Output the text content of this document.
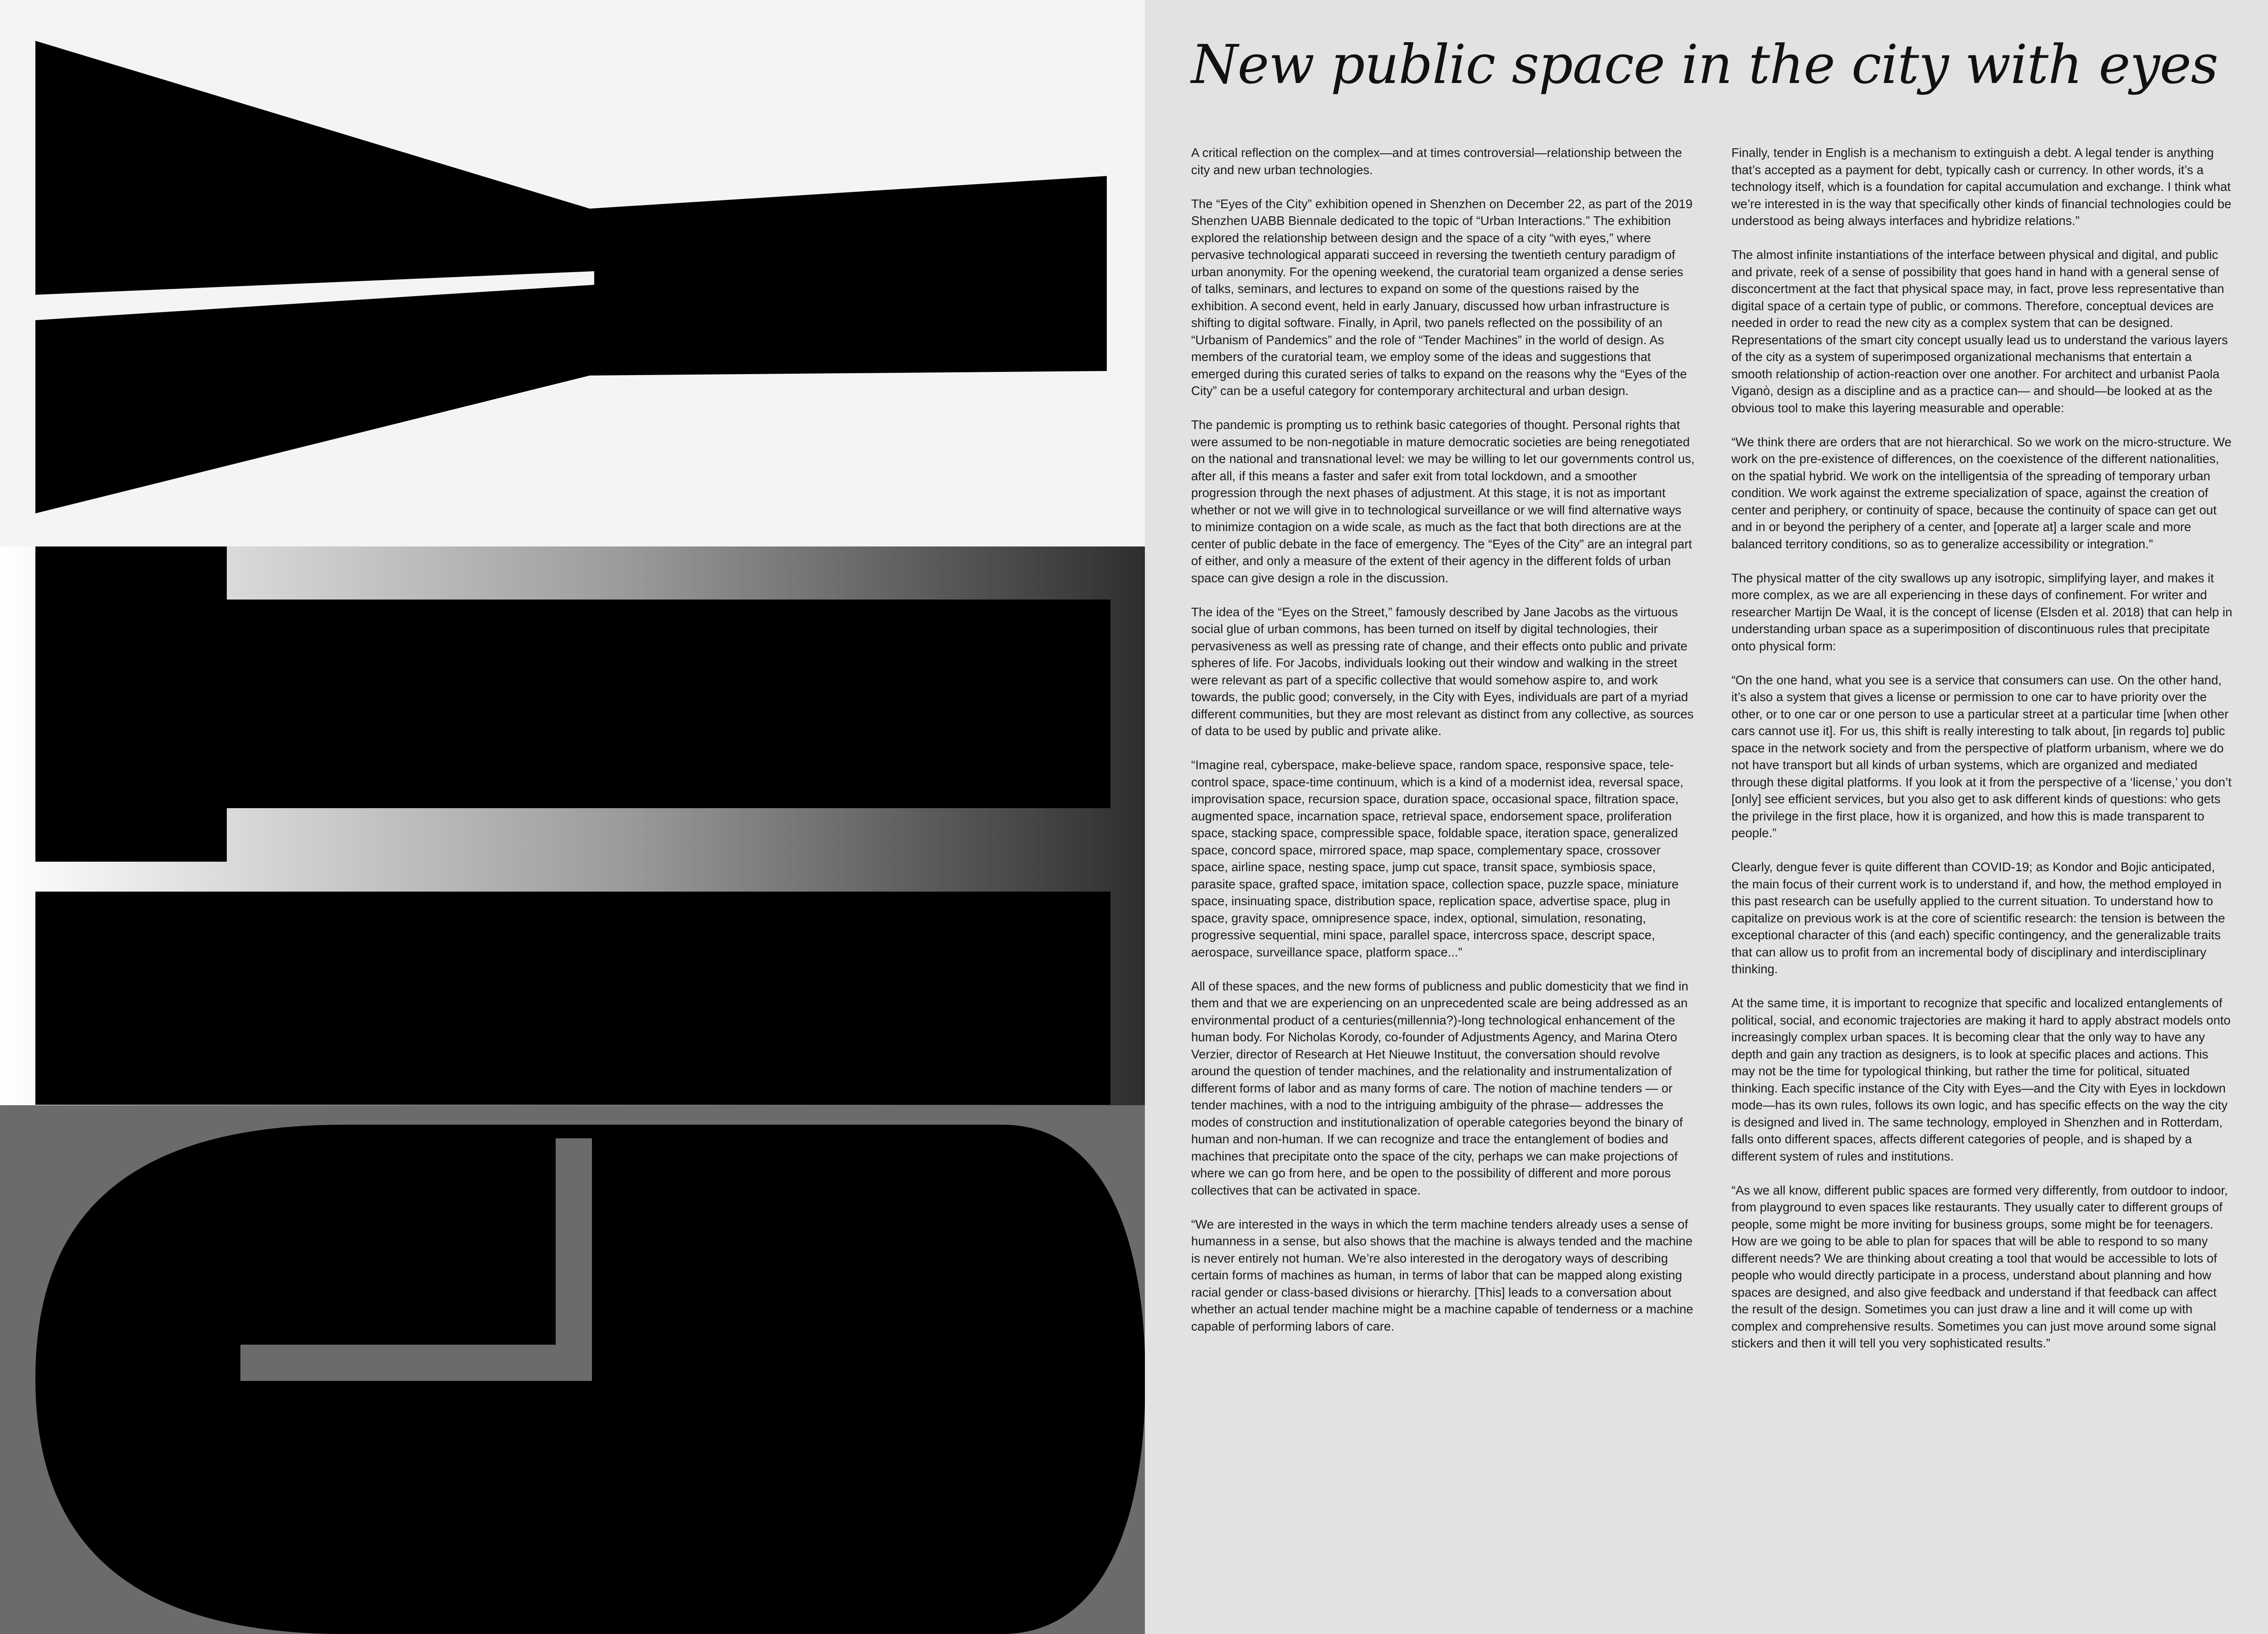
New public space in the city with eyes

A critical reflection on the complex—and at times controversial—relationship between the city and new urban technologies.

The “Eyes of the City” exhibition opened in Shenzhen on December 22, as part of the 2019 Shenzhen UABB Biennale dedicated to the topic of “Urban Interactions.” The exhibition explored the relationship between design and the space of a city “with eyes,” where pervasive technological apparati succeed in reversing the twentieth century paradigm of urban anonymity. For the opening weekend, the curatorial team organized a dense series of talks, seminars, and lectures to expand on some of the questions raised by the exhibition. A second event, held in early January, discussed how urban infrastructure is shifting to digital software. Finally, in April, two panels reflected on the possibility of an “Urbanism of Pandemics” and the role of “Tender Machines” in the world of design. As members of the curatorial team, we employ some of the ideas and suggestions that emerged during this curated series of talks to expand on the reasons why the “Eyes of the City” can be a useful category for contemporary architectural and urban design.

The pandemic is prompting us to rethink basic categories of thought. Personal rights that were assumed to be non-negotiable in mature democratic societies are being renegotiated on the national and transnational level: we may be willing to let our governments control us, after all, if this means a faster and safer exit from total lockdown, and a smoother progression through the next phases of adjustment. At this stage, it is not as important whether or not we will give in to technological surveillance or we will find alternative ways to minimize contagion on a wide scale, as much as the fact that both directions are at the center of public debate in the face of emergency. The “Eyes of the City” are an integral part of either, and only a measure of the extent of their agency in the different folds of urban space can give design a role in the discussion.

The idea of the “Eyes on the Street,” famously described by Jane Jacobs as the virtuous social glue of urban commons, has been turned on itself by digital technologies, their pervasiveness as well as pressing rate of change, and their effects onto public and private spheres of life. For Jacobs, individuals looking out their window and walking in the street were relevant as part of a specific collective that would somehow aspire to, and work towards, the public good; conversely, in the City with Eyes, individuals are part of a myriad different communities, but they are most relevant as distinct from any collective, as sources of data to be used by public and private alike.

“Imagine real, cyberspace, make-believe space, random space, responsive space, tele-control space, space-time continuum, which is a kind of a modernist idea, reversal space, improvisation space, recursion space, duration space, occasional space, filtration space, augmented space, incarnation space, retrieval space, endorsement space, proliferation space, stacking space, compressible space, foldable space, iteration space, generalized space, concord space, mirrored space, map space, complementary space, crossover space, airline space, nesting space, jump cut space, transit space, symbiosis space, parasite space, grafted space, imitation space, collection space, puzzle space, miniature space, insinuating space, distribution space, replication space, advertise space, plug in space, gravity space, omnipresence space, index, optional, simulation, resonating, progressive sequential, mini space, parallel space, intercross space, descript space, aerospace, surveillance space, platform space...”

All of these spaces, and the new forms of publicness and public domesticity that we find in them and that we are experiencing on an unprecedented scale are being addressed as an environmental product of a centuries(millennia?)-long technological enhancement of the human body. For Nicholas Korody, co-founder of Adjustments Agency, and Marina Otero Verzier, director of Research at Het Nieuwe Instituut, the conversation should revolve around the question of tender machines, and the relationality and instrumentalization of different forms of labor and as many forms of care. The notion of machine tenders — or tender machines, with a nod to the intriguing ambiguity of the phrase— addresses the modes of construction and institutionalization of operable categories beyond the binary of human and non-human. If we can recognize and trace the entanglement of bodies and machines that precipitate onto the space of the city, perhaps we can make projections of where we can go from here, and be open to the possibility of different and more porous collectives that can be activated in space.

“We are interested in the ways in which the term machine tenders already uses a sense of humanness in a sense, but also shows that the machine is always tended and the machine is never entirely not human. We’re also interested in the derogatory ways of describing certain forms of machines as human, in terms of labor that can be mapped along existing racial gender or class-based divisions or hierarchy. [This] leads to a conversation about whether an actual tender machine might be a machine capable of tenderness or a machine capable of performing labors of care.

Finally, tender in English is a mechanism to extinguish a debt. A legal tender is anything that’s accepted as a payment for debt, typically cash or currency. In other words, it’s a technology itself, which is a foundation for capital accumulation and exchange. I think what we’re interested in is the way that specifically other kinds of financial technologies could be understood as being always interfaces and hybridize relations.”

The almost infinite instantiations of the interface between physical and digital, and public and private, reek of a sense of possibility that goes hand in hand with a general sense of disconcertment at the fact that physical space may, in fact, prove less representative than digital space of a certain type of public, or commons. Therefore, conceptual devices are needed in order to read the new city as a complex system that can be designed. Representations of the smart city concept usually lead us to understand the various layers of the city as a system of superimposed organizational mechanisms that entertain a smooth relationship of action-reaction over one another. For architect and urbanist Paola Viganò, design as a discipline and as a practice can— and should—be looked at as the obvious tool to make this layering measurable and operable:

“We think there are orders that are not hierarchical. So we work on the micro-structure. We work on the pre-existence of differences, on the coexistence of the different nationalities, on the spatial hybrid. We work on the intelligentsia of the spreading of temporary urban condition. We work against the extreme specialization of space, against the creation of center and periphery, or continuity of space, because the continuity of space can get out and in or beyond the periphery of a center, and [operate at] a larger scale and more balanced territory conditions, so as to generalize accessibility or integration.”

The physical matter of the city swallows up any isotropic, simplifying layer, and makes it more complex, as we are all experiencing in these days of confinement. For writer and researcher Martijn De Waal, it is the concept of license (Elsden et al. 2018) that can help in understanding urban space as a superimposition of discontinuous rules that precipitate onto physical form:

“On the one hand, what you see is a service that consumers can use. On the other hand, it’s also a system that gives a license or permission to one car to have priority over the other, or to one car or one person to use a particular street at a particular time [when other cars cannot use it]. For us, this shift is really interesting to talk about, [in regards to] public space in the network society and from the perspective of platform urbanism, where we do not have transport but all kinds of urban systems, which are organized and mediated through these digital platforms. If you look at it from the perspective of a ‘license,’ you don’t [only] see efficient services, but you also get to ask different kinds of questions: who gets the privilege in the first place, how it is organized, and how this is made transparent to people.”

Clearly, dengue fever is quite different than COVID-19; as Kondor and Bojic anticipated, the main focus of their current work is to understand if, and how, the method employed in this past research can be usefully applied to the current situation. To understand how to capitalize on previous work is at the core of scientific research: the tension is between the exceptional character of this (and each) specific contingency, and the generalizable traits that can allow us to profit from an incremental body of disciplinary and interdisciplinary thinking.

At the same time, it is important to recognize that specific and localized entanglements of political, social, and economic trajectories are making it hard to apply abstract models onto increasingly complex urban spaces. It is becoming clear that the only way to have any depth and gain any traction as designers, is to look at specific places and actions. This may not be the time for typological thinking, but rather the time for political, situated thinking. Each specific instance of the City with Eyes—and the City with Eyes in lockdown mode—has its own rules, follows its own logic, and has specific effects on the way the city is designed and lived in. The same technology, employed in Shenzhen and in Rotterdam, falls onto different spaces, affects different categories of people, and is shaped by a different system of rules and institutions.

“As we all know, different public spaces are formed very differently, from outdoor to indoor, from playground to even spaces like restaurants. They usually cater to different groups of people, some might be more inviting for business groups, some might be for teenagers. How are we going to be able to plan for spaces that will be able to respond to so many different needs? We are thinking about creating a tool that would be accessible to lots of people who would directly participate in a process, understand about planning and how spaces are designed, and also give feedback and understand if that feedback can affect the result of the design. Sometimes you can just draw a line and it will come up with complex and comprehensive results. Sometimes you can just move around some signal stickers and then it will tell you very sophisticated results.”
